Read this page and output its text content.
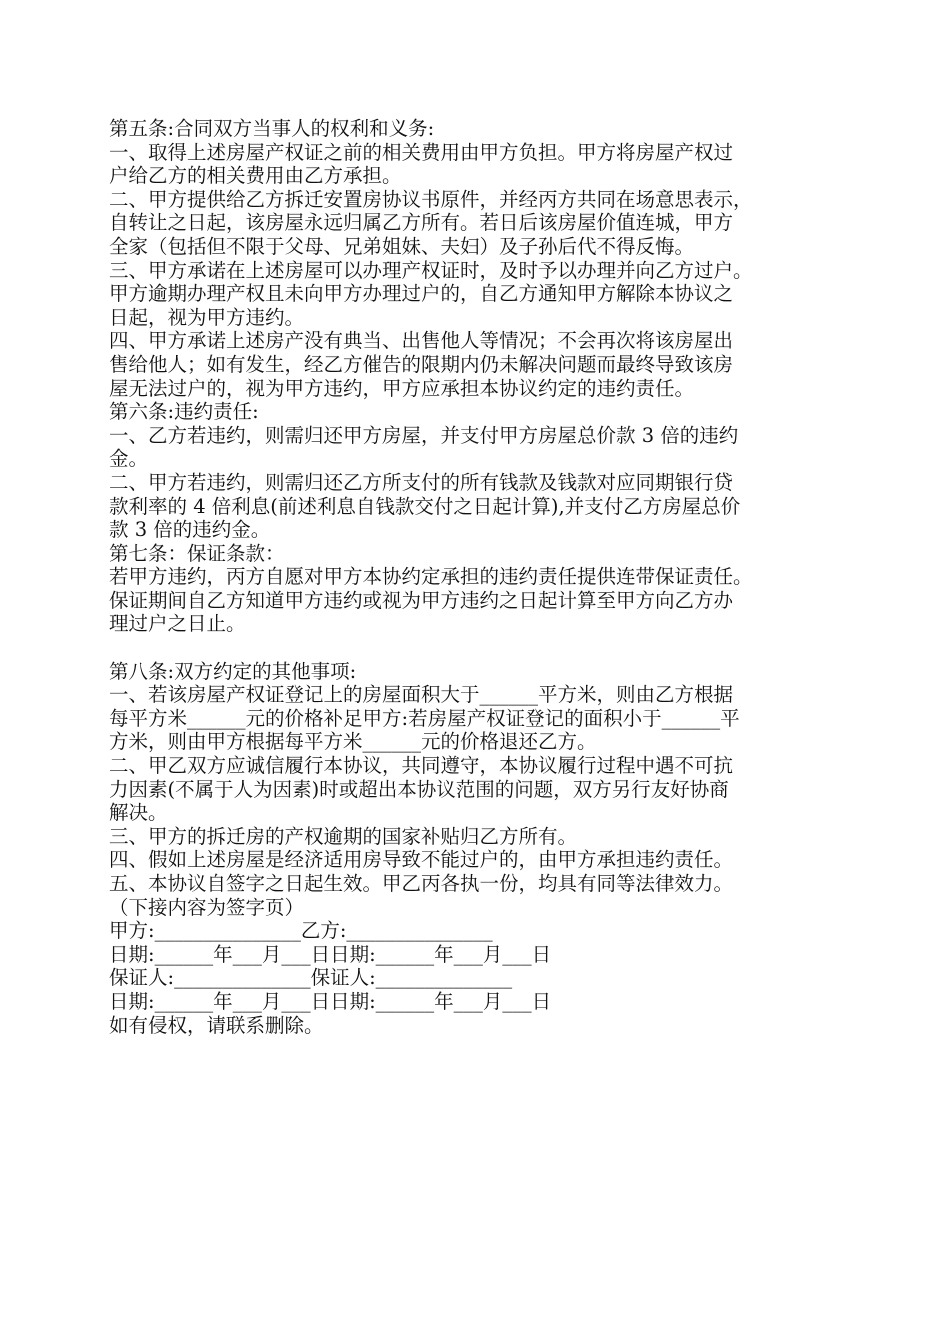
第五条:合同双方当事人的权利和义务:
一、取得上述房屋产权证之前的相关费用由甲方负担。甲方将房屋产权过
户给乙方的相关费用由乙方承担。
二、甲方提供给乙方拆迁安置房协议书原件，并经丙方共同在场意思表示，
自转让之日起，该房屋永远归属乙方所有。若日后该房屋价值连城，甲方
全家（包括但不限于父母、兄弟姐妹、夫妇）及子孙后代不得反悔。
三、甲方承诺在上述房屋可以办理产权证时，及时予以办理并向乙方过户。
甲方逾期办理产权且未向甲方办理过户的，自乙方通知甲方解除本协议之
日起，视为甲方违约。
四、甲方承诺上述房产没有典当、出售他人等情况；不会再次将该房屋出
售给他人；如有发生，经乙方催告的限期内仍未解决问题而最终导致该房
屋无法过户的，视为甲方违约，甲方应承担本协议约定的违约责任。
第六条:违约责任:
一、乙方若违约，则需归还甲方房屋，并支付甲方房屋总价款 3 倍的违约
金。
二、甲方若违约，则需归还乙方所支付的所有钱款及钱款对应同期银行贷
款利率的 4 倍利息(前述利息自钱款交付之日起计算),并支付乙方房屋总价
款 3 倍的违约金。
第七条：保证条款：
若甲方违约，丙方自愿对甲方本协约定承担的违约责任提供连带保证责任。
保证期间自乙方知道甲方违约或视为甲方违约之日起计算至甲方向乙方办
理过户之日止。
第八条:双方约定的其他事项:
一、若该房屋产权证登记上的房屋面积大于______平方米，则由乙方根据
每平方米______元的价格补足甲方:若房屋产权证登记的面积小于______平
方米，则由甲方根据每平方米______元的价格退还乙方。
二、甲乙双方应诚信履行本协议，共同遵守，本协议履行过程中遇不可抗
力因素(不属于人为因素)时或超出本协议范围的问题，双方另行友好协商
解决。
三、甲方的拆迁房的产权逾期的国家补贴归乙方所有。
四、假如上述房屋是经济适用房导致不能过户的，由甲方承担违约责任。
五、本协议自签字之日起生效。甲乙丙各执一份，均具有同等法律效力。
（下接内容为签字页）
甲方:_______________乙方:_______________
日期:______年___月___日日期:______年___月___日
保证人:______________保证人:______________
日期:______年___月___日日期:______年___月___日
如有侵权，请联系删除。
